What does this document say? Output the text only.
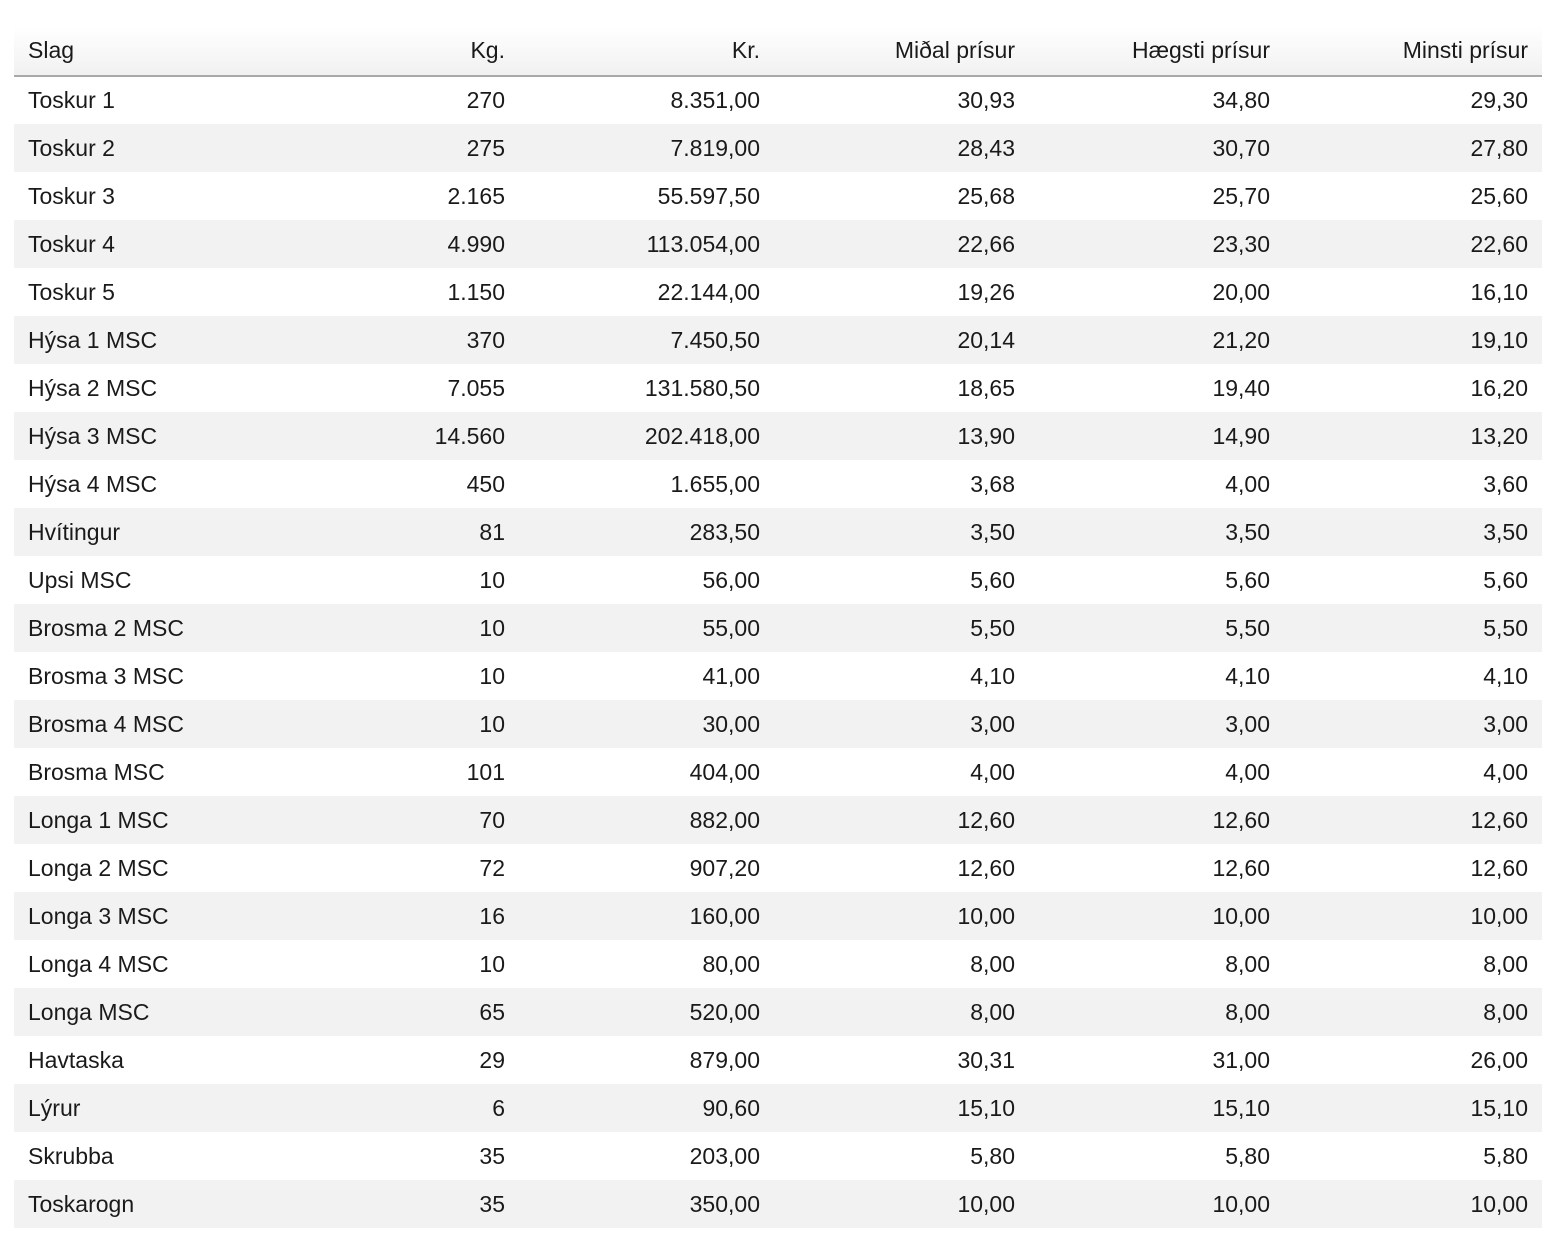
Slag	Kg.	Kr.	Miðal prísur	Hægsti prísur	Minsti prísur
Toskur 1	270	8.351,00	30,93	34,80	29,30
Toskur 2	275	7.819,00	28,43	30,70	27,80
Toskur 3	2.165	55.597,50	25,68	25,70	25,60
Toskur 4	4.990	113.054,00	22,66	23,30	22,60
Toskur 5	1.150	22.144,00	19,26	20,00	16,10
Hýsa 1 MSC	370	7.450,50	20,14	21,20	19,10
Hýsa 2 MSC	7.055	131.580,50	18,65	19,40	16,20
Hýsa 3 MSC	14.560	202.418,00	13,90	14,90	13,20
Hýsa 4 MSC	450	1.655,00	3,68	4,00	3,60
Hvítingur	81	283,50	3,50	3,50	3,50
Upsi MSC	10	56,00	5,60	5,60	5,60
Brosma 2 MSC	10	55,00	5,50	5,50	5,50
Brosma 3 MSC	10	41,00	4,10	4,10	4,10
Brosma 4 MSC	10	30,00	3,00	3,00	3,00
Brosma MSC	101	404,00	4,00	4,00	4,00
Longa 1 MSC	70	882,00	12,60	12,60	12,60
Longa 2 MSC	72	907,20	12,60	12,60	12,60
Longa 3 MSC	16	160,00	10,00	10,00	10,00
Longa 4 MSC	10	80,00	8,00	8,00	8,00
Longa MSC	65	520,00	8,00	8,00	8,00
Havtaska	29	879,00	30,31	31,00	26,00
Lýrur	6	90,60	15,10	15,10	15,10
Skrubba	35	203,00	5,80	5,80	5,80
Toskarogn	35	350,00	10,00	10,00	10,00
